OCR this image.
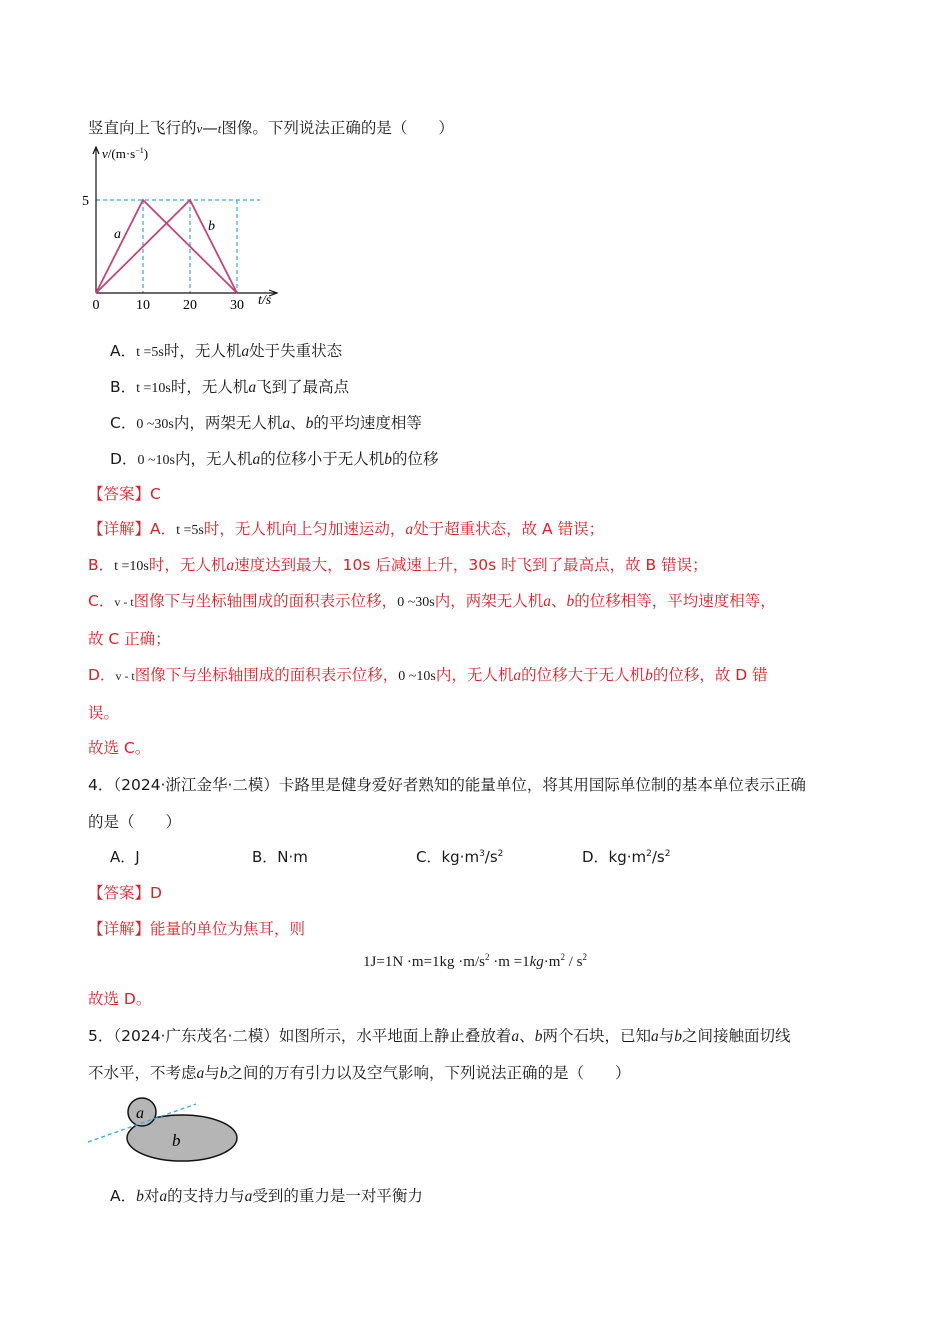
竖直向上飞行的v—t图像。下列说法正确的是（　　）
0	10 20 30
5
$v/(m\cdot s^{-1})$
t/s
a
b
A．t =5s时，无人机a处于失重状态
B．t =10s时，无人机a飞到了最高点
C．0 ~30s内，两架无人机a、b的平均速度相等
D．0 ~10s内，无人机a的位移小于无人机b的位移
【答案】C
【详解】A．t =5s时，无人机向上匀加速运动，a处于超重状态，故 A 错误；
B．t =10s时，无人机a速度达到最大，10s 后减速上升，30s 时飞到了最高点，故 B 错误；
C．v - t图像下与坐标轴围成的面积表示位移，0 ~30s内，两架无人机a、b的位移相等，平均速度相等，
故 C 正确；
D．v - t图像下与坐标轴围成的面积表示位移，0 ~10s内，无人机a的位移大于无人机b的位移，故 D 错
误。
故选 C。
4．（2024·浙江金华·二模）卡路里是健身爱好者熟知的能量单位，将其用国际单位制的基本单位表示正确
的是（　　）
A．J	B．N·m	C．$kg\cdot m^3/s^2$	D．$kg\cdot m^2/s^2$
【答案】D
【详解】能量的单位为焦耳，则
$1J=1N \cdot m=1kg \cdot m/s^2 \cdot m =1kg\cdot m^2 / s^2$
故选 D。
5．（2024·广东茂名·二模）如图所示，水平地面上静止叠放着a、b两个石块，已知a与b之间接触面切线
不水平，不考虑a与b之间的万有引力以及空气影响，下列说法正确的是（　　）
a
b
A．b对a的支持力与a受到的重力是一对平衡力
